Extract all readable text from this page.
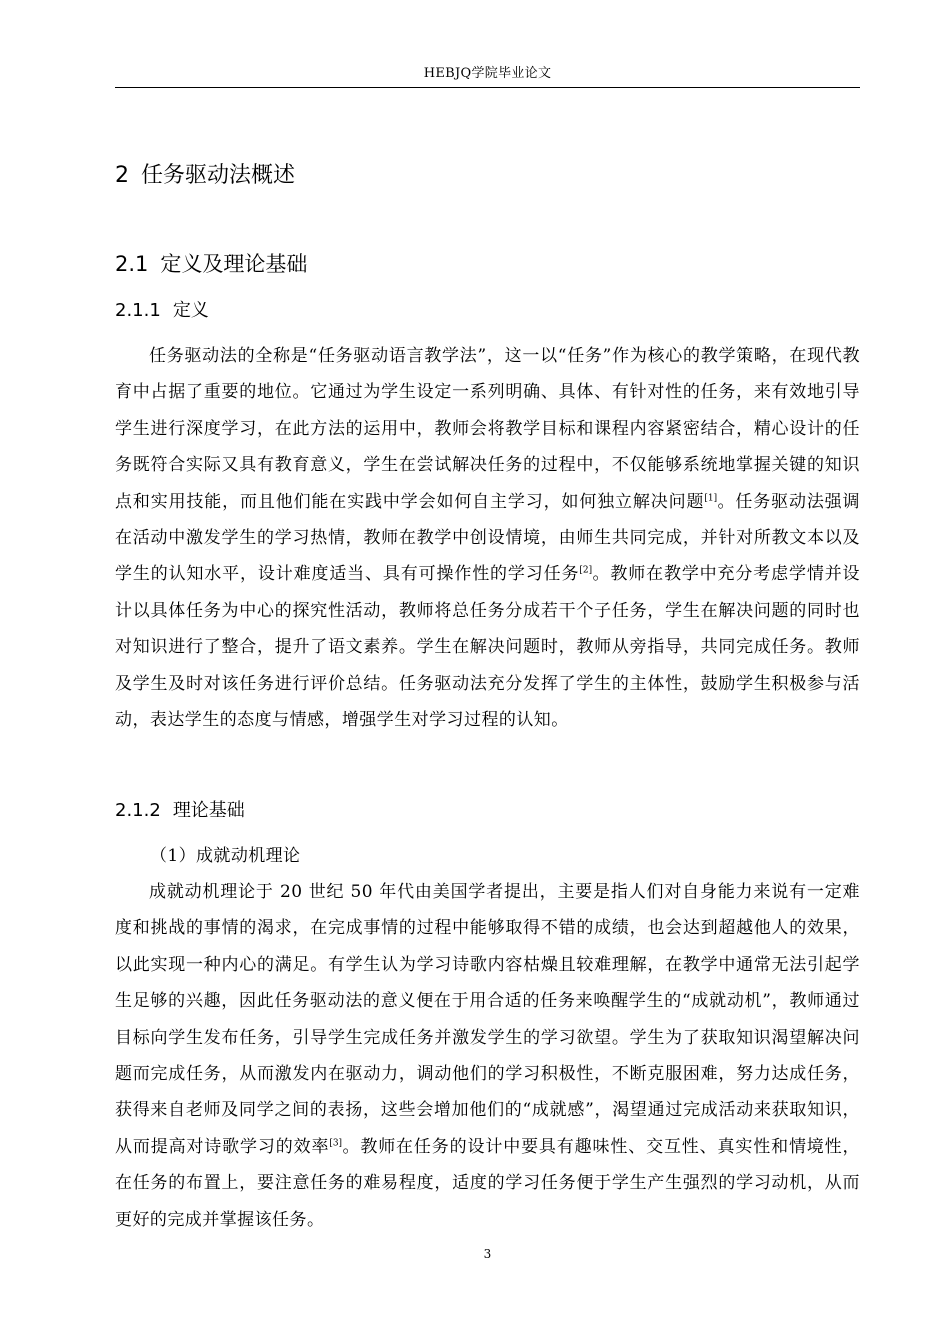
HEBJQ学院毕业论文
2 任务驱动法概述
2.1 定义及理论基础
2.1.1 定义

任务驱动法的全称是“任务驱动语言教学法”，这一以“任务”作为核心的教学策略，在现代教育中占据了重要的地位。它通过为学生设定一系列明确、具体、有针对性的任务，来有效地引导学生进行深度学习，在此方法的运用中，教师会将教学目标和课程内容紧密结合，精心设计的任务既符合实际又具有教育意义，学生在尝试解决任务的过程中，不仅能够系统地掌握关键的知识点和实用技能，而且他们能在实践中学会如何自主学习，如何独立解决问题[1]。任务驱动法强调在活动中激发学生的学习热情，教师在教学中创设情境，由师生共同完成，并针对所教文本以及学生的认知水平，设计难度适当、具有可操作性的学习任务[2]。教师在教学中充分考虑学情并设计以具体任务为中心的探究性活动，教师将总任务分成若干个子任务，学生在解决问题的同时也对知识进行了整合，提升了语文素养。学生在解决问题时，教师从旁指导，共同完成任务。教师及学生及时对该任务进行评价总结。任务驱动法充分发挥了学生的主体性，鼓励学生积极参与活动，表达学生的态度与情感，增强学生对学习过程的认知。

2.1.2 理论基础

（1）成就动机理论

成就动机理论于 20 世纪 50 年代由美国学者提出，主要是指人们对自身能力来说有一定难度和挑战的事情的渴求，在完成事情的过程中能够取得不错的成绩，也会达到超越他人的效果，以此实现一种内心的满足。有学生认为学习诗歌内容枯燥且较难理解，在教学中通常无法引起学生足够的兴趣，因此任务驱动法的意义便在于用合适的任务来唤醒学生的“成就动机”，教师通过目标向学生发布任务，引导学生完成任务并激发学生的学习欲望。学生为了获取知识渴望解决问题而完成任务，从而激发内在驱动力，调动他们的学习积极性，不断克服困难，努力达成任务，获得来自老师及同学之间的表扬，这些会增加他们的“成就感”，渴望通过完成活动来获取知识，从而提高对诗歌学习的效率[3]。教师在任务的设计中要具有趣味性、交互性、真实性和情境性，在任务的布置上，要注意任务的难易程度，适度的学习任务便于学生产生强烈的学习动机，从而更好的完成并掌握该任务。

3
